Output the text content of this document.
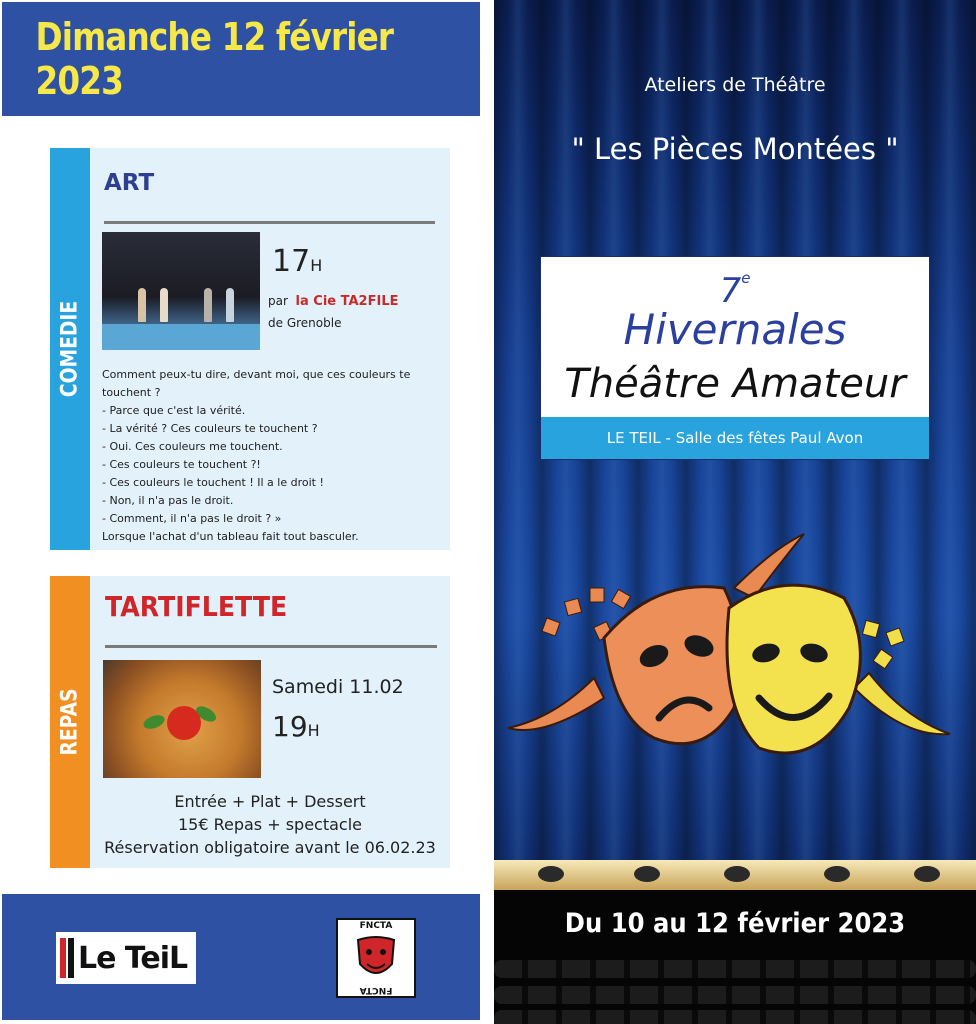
Dimanche 12 février 2023
COMEDIE
ART
17H
par la Cie TA2FILE
de Grenoble
Comment peux-tu dire, devant moi, que ces couleurs te
touchent ?
- Parce que c'est la vérité.
- La vérité ? Ces couleurs te touchent ?
- Oui. Ces couleurs me touchent.
- Ces couleurs te touchent ?!
- Ces couleurs le touchent ! Il a le droit !
- Non, il n'a pas le droit.
- Comment, il n'a pas le droit ? »
Lorsque l'achat d'un tableau fait tout basculer.
REPAS
TARTIFLETTE
Samedi 11.02
19H
Entrée + Plat + Dessert
15€ Repas + spectacle
Réservation obligatoire avant le 06.02.23
Le TeiL
FNCTA
FNCTA
Ateliers de Théâtre
" Les Pièces Montées "
7e
Hivernales
Théâtre Amateur
LE TEIL - Salle des fêtes Paul Avon
Du 10 au 12 février 2023
